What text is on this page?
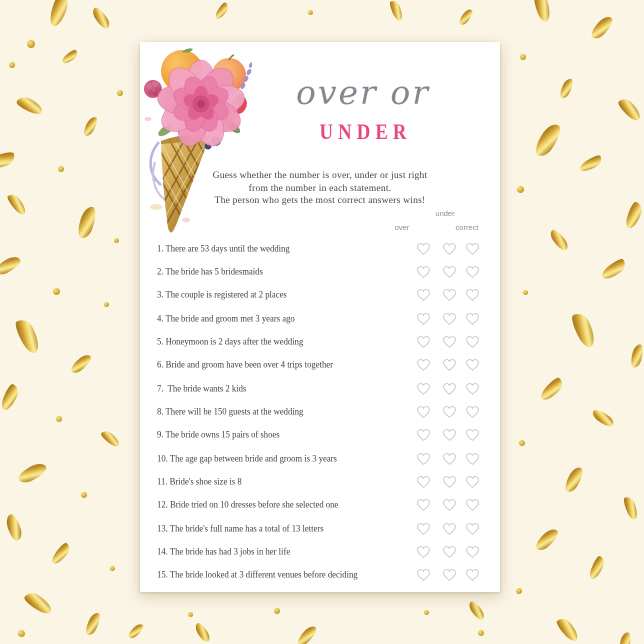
over or
UNDER
Guess whether the number is over, under or just right
from the number in each statement.
The person who gets the most correct answers wins!
under
over	correct
1. There are 53 days until the wedding
2. The bride has 5 bridesmaids
3. The couple is registered at 2 places
4. The bride and groom met 3 years ago
5. Honeymoon is 2 days after the wedding
6. Bride and groom have been over 4 trips together
7.  The bride wants 2 kids
8. There will be 150 guests at the wedding
9. The bride owns 15 pairs of shoes
10. The age gap between bride and groom is 3 years
11. Bride's shoe size is 8
12. Bride tried on 10 dresses before she selected one
13. The bride's full name has a total of 13 letters
14. The bride has had 3 jobs in her life
15. The bride looked at 3 different venues before deciding
